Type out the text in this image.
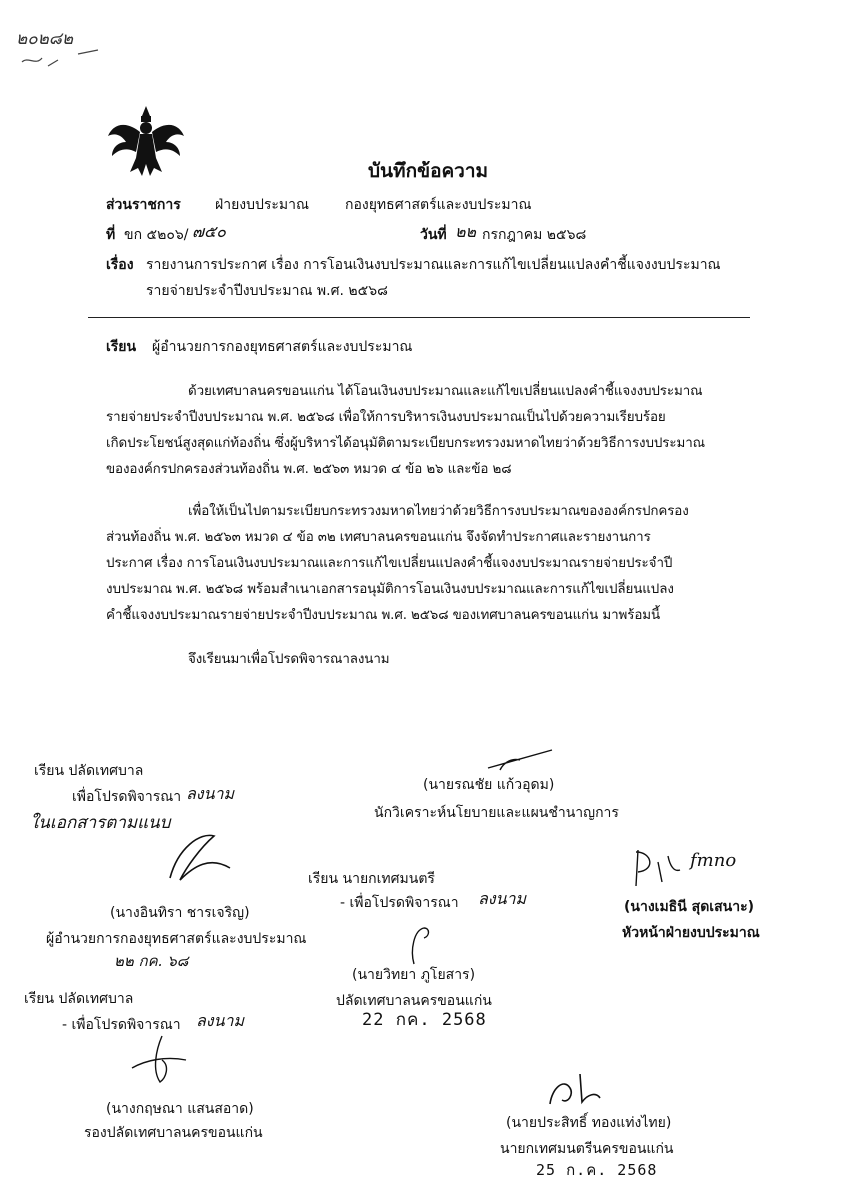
๒๐๒๘๒
บันทึกข้อความ
ส่วนราชการ ฝ่ายงบประมาณ	กองยุทธศาสตร์และงบประมาณ
ที่ ขก ๕๒๐๖/ ๗๕๐	วันที่ ๒๒ กรกฎาคม ๒๕๖๘
เรื่อง รายงานการประกาศ เรื่อง การโอนเงินงบประมาณและการแก้ไขเปลี่ยนแปลงคำชี้แจงงบประมาณ
รายจ่ายประจำปีงบประมาณ พ.ศ. ๒๕๖๘
เรียน ผู้อำนวยการกองยุทธศาสตร์และงบประมาณ
ด้วยเทศบาลนครขอนแก่น ได้โอนเงินงบประมาณและแก้ไขเปลี่ยนแปลงคำชี้แจงงบประมาณ
รายจ่ายประจำปีงบประมาณ พ.ศ. ๒๕๖๘ เพื่อให้การบริหารเงินงบประมาณเป็นไปด้วยความเรียบร้อย
เกิดประโยชน์สูงสุดแก่ท้องถิ่น ซึ่งผู้บริหารได้อนุมัติตามระเบียบกระทรวงมหาดไทยว่าด้วยวิธีการงบประมาณ
ขององค์กรปกครองส่วนท้องถิ่น พ.ศ. ๒๕๖๓ หมวด ๔ ข้อ ๒๖ และข้อ ๒๘
เพื่อให้เป็นไปตามระเบียบกระทรวงมหาดไทยว่าด้วยวิธีการงบประมาณขององค์กรปกครอง
ส่วนท้องถิ่น พ.ศ. ๒๕๖๓ หมวด ๔ ข้อ ๓๒ เทศบาลนครขอนแก่น จึงจัดทำประกาศและรายงานการ
ประกาศ เรื่อง การโอนเงินงบประมาณและการแก้ไขเปลี่ยนแปลงคำชี้แจงงบประมาณรายจ่ายประจำปี
งบประมาณ พ.ศ. ๒๕๖๘ พร้อมสำเนาเอกสารอนุมัติการโอนเงินงบประมาณและการแก้ไขเปลี่ยนแปลง
คำชี้แจงงบประมาณรายจ่ายประจำปีงบประมาณ พ.ศ. ๒๕๖๘ ของเทศบาลนครขอนแก่น มาพร้อมนี้
จึงเรียนมาเพื่อโปรดพิจารณาลงนาม
(นายรณชัย แก้วอุดม)
นักวิเคราะห์นโยบายและแผนชำนาญการ
เรียน ปลัดเทศบาล
เพื่อโปรดพิจารณา ลงนาม
ในเอกสารตามแนบ
(นางอินทิรา ชารเจริญ)
ผู้อำนวยการกองยุทธศาสตร์และงบประมาณ
๒๒ กค. ๖๘
เรียน นายกเทศมนตรี
- เพื่อโปรดพิจารณา ลงนาม
(นายวิทยา ภูโยสาร)
ปลัดเทศบาลนครขอนแก่น
22 กค. 2568
fmno
(นางเมธินี สุดเสนาะ)
หัวหน้าฝ่ายงบประมาณ
เรียน ปลัดเทศบาล
- เพื่อโปรดพิจารณา ลงนาม
(นางกฤษณา แสนสอาด)
รองปลัดเทศบาลนครขอนแก่น
(นายประสิทธิ์ ทองแท่งไทย)
นายกเทศมนตรีนครขอนแก่น
25 ก.ค. 2568
